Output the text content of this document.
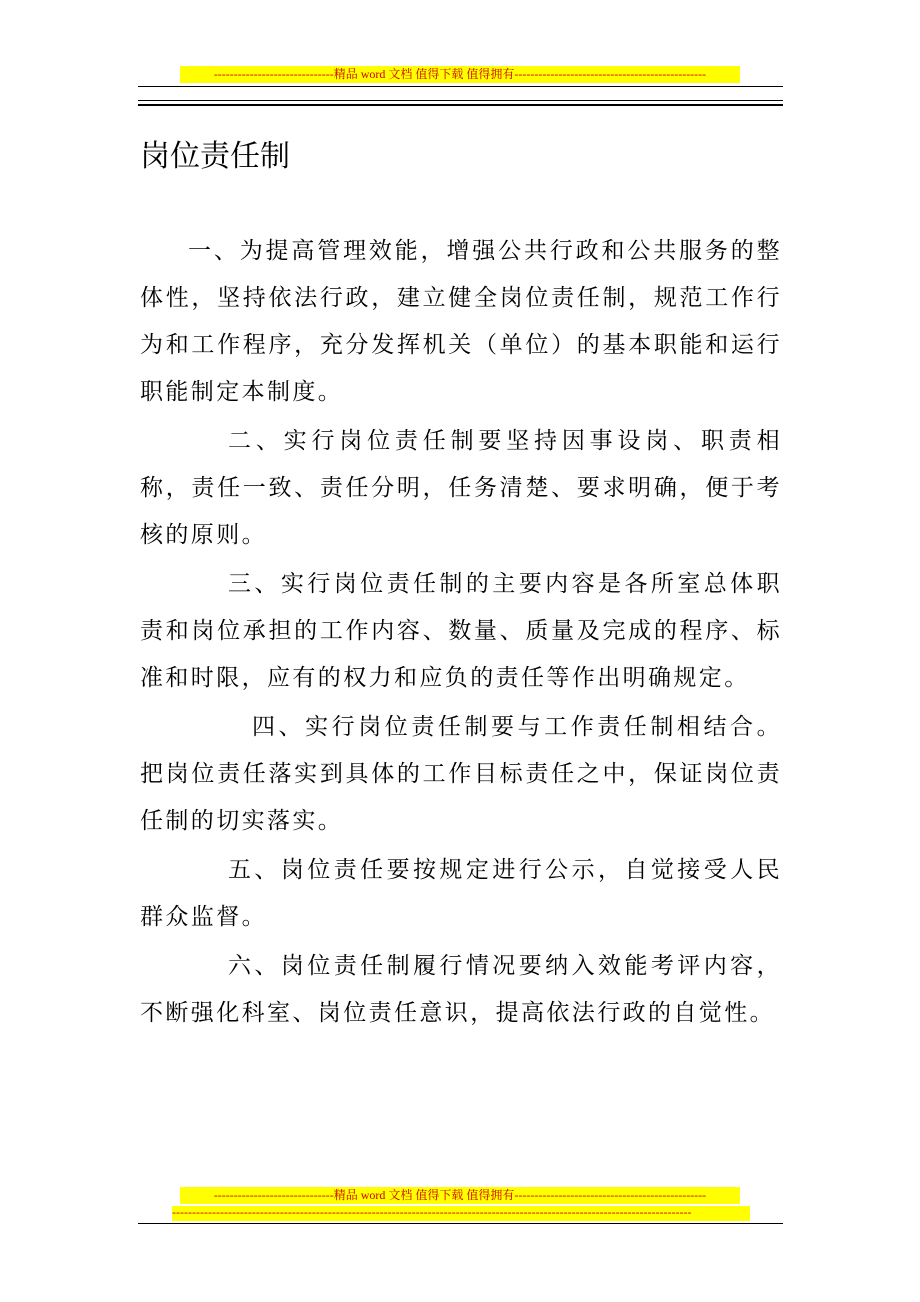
------------------------------精品 word 文档 值得下载 值得拥有------------------------------------------------
岗位责任制

一、为提高管理效能，增强公共行政和公共服务的整体性，坚持依法行政，建立健全岗位责任制，规范工作行为和工作程序，充分发挥机关（单位）的基本职能和运行职能制定本制度。

二、实行岗位责任制要坚持因事设岗、职责相称，责任一致、责任分明，任务清楚、要求明确，便于考核的原则。

三、实行岗位责任制的主要内容是各所室总体职责和岗位承担的工作内容、数量、质量及完成的程序、标准和时限，应有的权力和应负的责任等作出明确规定。

四、实行岗位责任制要与工作责任制相结合。把岗位责任落实到具体的工作目标责任之中，保证岗位责任制的切实落实。

五、岗位责任要按规定进行公示，自觉接受人民群众监督。

六、岗位责任制履行情况要纳入效能考评内容，不断强化科室、岗位责任意识，提高依法行政的自觉性。

------------------------------精品 word 文档 值得下载 值得拥有------------------------------------------------
----------------------------------------------------------------------------------------------------------------------------------
